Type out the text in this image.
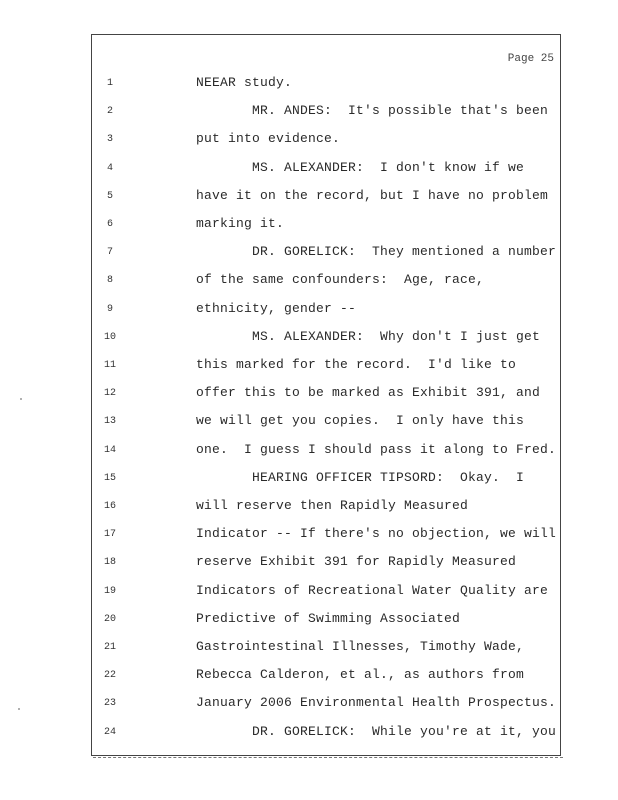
Page 25
1	NEEAR study.
2	MR. ANDES:  It's possible that's been
3	put into evidence.
4	MS. ALEXANDER:  I don't know if we
5	have it on the record, but I have no problem
6	marking it.
7	DR. GORELICK:  They mentioned a number
8	of the same confounders:  Age, race,
9	ethnicity, gender --
10	MS. ALEXANDER:  Why don't I just get
11	this marked for the record.  I'd like to
12	offer this to be marked as Exhibit 391, and
13	we will get you copies.  I only have this
14	one.  I guess I should pass it along to Fred.
15	HEARING OFFICER TIPSORD:  Okay.  I
16	will reserve then Rapidly Measured
17	Indicator -- If there's no objection, we will
18	reserve Exhibit 391 for Rapidly Measured
19	Indicators of Recreational Water Quality are
20	Predictive of Swimming Associated
21	Gastrointestinal Illnesses, Timothy Wade,
22	Rebecca Calderon, et al., as authors from
23	January 2006 Environmental Health Prospectus.
24	DR. GORELICK:  While you're at it, you
